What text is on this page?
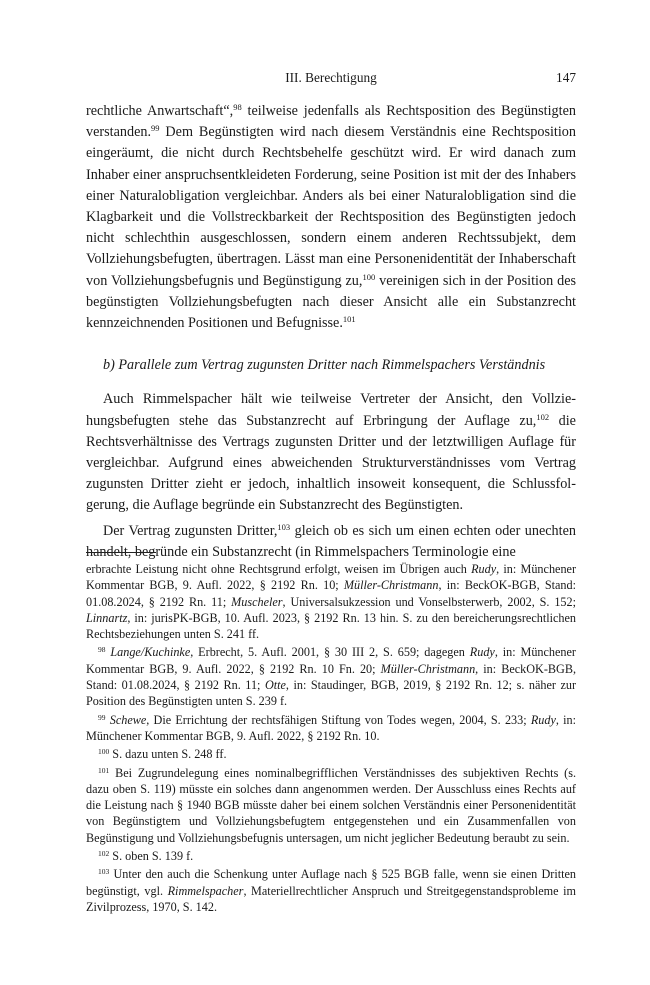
III. Berechtigung	147

rechtliche Anwartschaft“,$^{98}$ teilweise jedenfalls als Rechtsposition des Begünstigten verstanden.$^{99}$ Dem Begünstigten wird nach diesem Verständnis eine Rechtsposition eingeräumt, die nicht durch Rechtsbehelfe geschützt wird. Er wird danach zum Inhaber einer anspruchsentkleideten Forderung, seine Position ist mit der des Inhabers einer Naturalobligation vergleichbar. Anders als bei einer Naturalobligation sind die Klagbarkeit und die Vollstreckbarkeit der Rechtsposition des Begünstigten jedoch nicht schlechthin ausgeschlossen, sondern einem anderen Rechtssubjekt, dem Vollziehungsbefugten, übertragen. Lässt man eine Personenidentität der Inhaberschaft von Vollziehungsbefugnis und Begünstigung zu,$^{100}$ vereinigen sich in der Position des begünstigten Vollziehungsbefugten nach dieser Ansicht alle ein Substanzrecht kennzeichnenden Positionen und Befugnisse.$^{101}$

b) Parallele zum Vertrag zugunsten Dritter nach Rimmelspachers Verständnis

Auch Rimmelspacher hält wie teilweise Vertreter der Ansicht, den Vollziehungsbefugten stehe das Substanzrecht auf Erbringung der Auflage zu,$^{102}$ die Rechtsverhältnisse des Vertrags zugunsten Dritter und der letztwilligen Auflage für vergleichbar. Aufgrund eines abweichenden Strukturverständnisses vom Vertrag zugunsten Dritter zieht er jedoch, inhaltlich insoweit konsequent, die Schlussfolgerung, die Auflage begründe ein Substanzrecht des Begünstigten.

Der Vertrag zugunsten Dritter,$^{103}$ gleich ob es sich um einen echten oder unechten handelt, begründe ein Substanzrecht (in Rimmelspachers Terminologie eine

erbrachte Leistung nicht ohne Rechtsgrund erfolgt, weisen im Übrigen auch Rudy, in: Münchener Kommentar BGB, 9. Aufl. 2022, § 2192 Rn. 10; Müller-Christmann, in: BeckOK-BGB, Stand: 01.08.2024, § 2192 Rn. 11; Muscheler, Universalsukzession und Vonselbsterwerb, 2002, S. 152; Linnartz, in: jurisPK-BGB, 10. Aufl. 2023, § 2192 Rn. 13 hin. S. zu den bereicherungsrechtlichen Rechtsbeziehungen unten S. 241 ff.

$^{98}$ Lange/Kuchinke, Erbrecht, 5. Aufl. 2001, § 30 III 2, S. 659; dagegen Rudy, in: Münchener Kommentar BGB, 9. Aufl. 2022, § 2192 Rn. 10 Fn. 20; Müller-Christmann, in: BeckOK-BGB, Stand: 01.08.2024, § 2192 Rn. 11; Otte, in: Staudinger, BGB, 2019, § 2192 Rn. 12; s. näher zur Position des Begünstigten unten S. 239 f.

$^{99}$ Schewe, Die Errichtung der rechtsfähigen Stiftung von Todes wegen, 2004, S. 233; Rudy, in: Münchener Kommentar BGB, 9. Aufl. 2022, § 2192 Rn. 10.

$^{100}$ S. dazu unten S. 248 ff.

$^{101}$ Bei Zugrundelegung eines nominalbegrifflichen Verständnisses des subjektiven Rechts (s. dazu oben S. 119) müsste ein solches dann angenommen werden. Der Ausschluss eines Rechts auf die Leistung nach § 1940 BGB müsste daher bei einem solchen Verständnis einer Personenidentität von Begünstigtem und Vollziehungsbefugtem entgegenstehen und ein Zusammenfallen von Begünstigung und Vollziehungsbefugnis untersagen, um nicht jeglicher Bedeutung beraubt zu sein.

$^{102}$ S. oben S. 139 f.

$^{103}$ Unter den auch die Schenkung unter Auflage nach § 525 BGB falle, wenn sie einen Dritten begünstigt, vgl. Rimmelspacher, Materiellrechtlicher Anspruch und Streitgegenstandsprobleme im Zivilprozess, 1970, S. 142.
